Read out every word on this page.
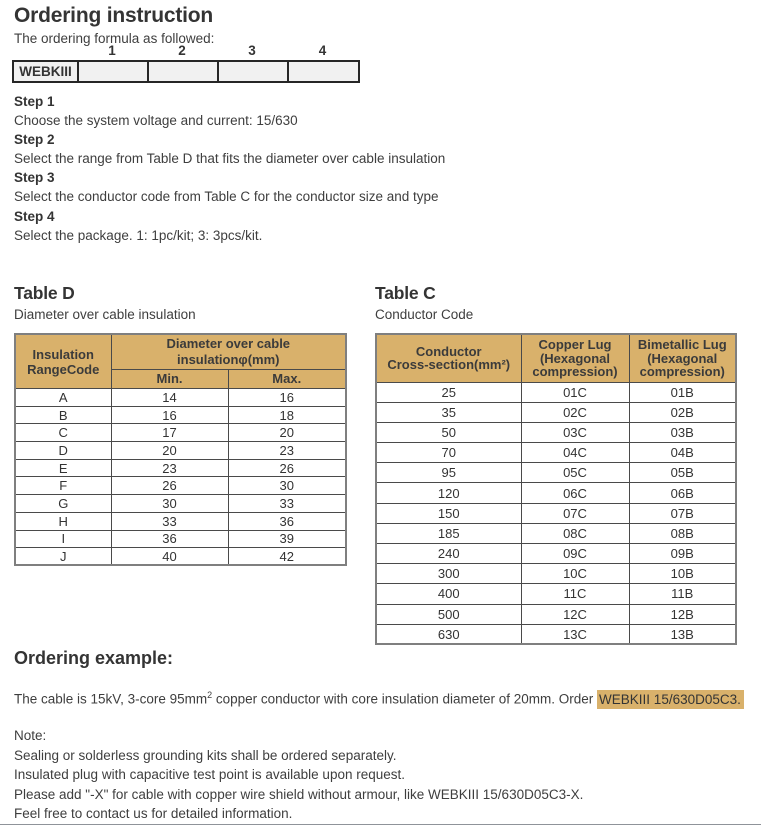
Ordering instruction
The ordering formula as followed:
1	2	3	4
WEBKIII				
Step 1
Choose the system voltage and current: 15/630
Step 2
Select the range from Table D that fits the diameter over cable insulation
Step 3
Select the conductor code from Table C for the conductor size and type
Step 4
Select the package. 1: 1pc/kit; 3: 3pcs/kit.
Table D
Diameter over cable insulation
Insulation
RangeCode	Diameter over cable insulationφ(mm)	
	Min.	Max.
A	14	16
B	16	18
C	17	20
D	20	23
E	23	26
F	26	30
G	30	33
H	33	36
I	36	39
J	40	42
Table C
Conductor Code
Conductor
Cross-section(mm²)

Copper Lug
(Hexagonal
compression)

Bimetallic Lug
(Hexagonal
compression)

25	01C	01B
35	02C	02B
50	03C	03B
70	04C	04B
95	05C	05B
120	06C	06B
150	07C	07B
185	08C	08B
240	09C	09B
300	10C	10B
400	11C	11B
500	12C	12B
630	13C	13B
Ordering example:
The cable is 15kV, 3-core $95mm^2$ copper conductor with core insulation diameter of 20mm. Order WEBKIII 15/630D05C3.
Note:
Sealing or solderless grounding kits shall be ordered separately.
Insulated plug with capacitive test point is available upon request.
Please add "-X" for cable with copper wire shield without armour, like WEBKIII 15/630D05C3-X.
Feel free to contact us for detailed information.
